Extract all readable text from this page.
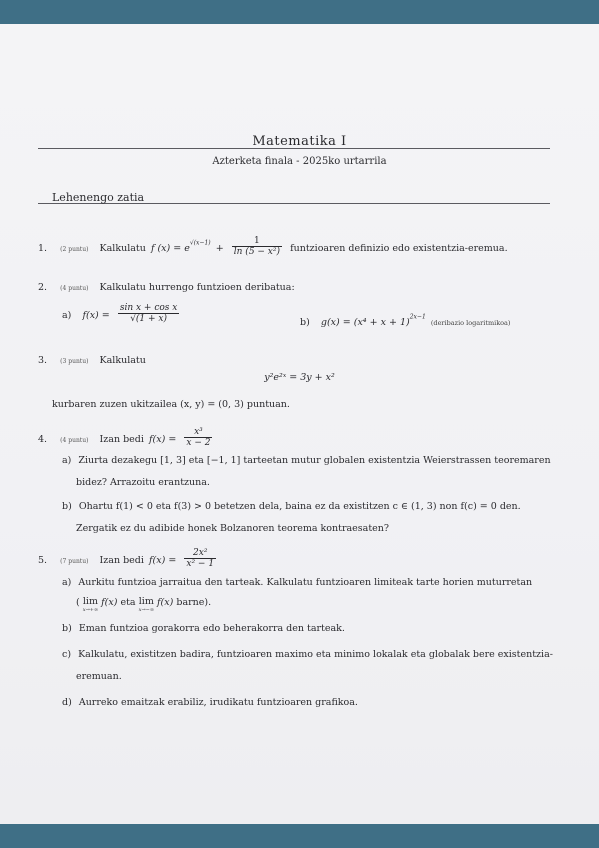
Matematika I
Azterketa finala - 2025ko urtarrila
Lehenengo zatia
1. (2 puntu) Kalkulatu f $(x) = e^{√(x-1)} + \frac{1}{\text{ln (5 − x²)}}$ funtzioaren definizio edo existentzia-eremua.
2. (4 puntu) Kalkulatu hurrengo funtzioen deribatua:
a) $f(x) = \frac{\text{sin x + cos x}}{√(1 + x)}$	b) $g(x) = (x^4 + x + 1)^{2x-1}$ (deribazio logaritmikoa)
3. (3 puntu) Kalkulatu
y²e²ˣ = 3y + x²
kurbaren zuzen ukitzailea (x, y) = (0, 3) puntuan.
4. (4 puntu) Izan bedi $f(x) = \frac{\text{x³}}{x - 2}$
a) Ziurta dezakegu [1, 3] eta [−1, 1] tarteetan mutur globalen existentzia Weierstrassen teoremaren
bidez? Arrazoitu erantzuna.
b) Ohartu f(1) < 0 eta f(3) > 0 betetzen dela, baina ez da existitzen c ∈ (1, 3) non f(c) = 0 den.
Zergatik ez du adibide honek Bolzanoren teorema kontraesaten?
5. (7 puntu) Izan bedi $f(x) = \frac{\text{2x²}}{\text{x² − 1}}$
a) Aurkitu funtzioa jarraitua den tarteak. Kalkulatu funtzioaren limiteak tarte horien muturretan
( lim
x→+∞
f(x) eta lim
x→−∞
f(x) barne).
b) Eman funtzioa gorakorra edo beherakorra den tarteak.
c) Kalkulatu, existitzen badira, funtzioaren maximo eta minimo lokalak eta globalak bere existentzia-
eremuan.
d) Aurreko emaitzak erabiliz, irudikatu funtzioaren grafikoa.
